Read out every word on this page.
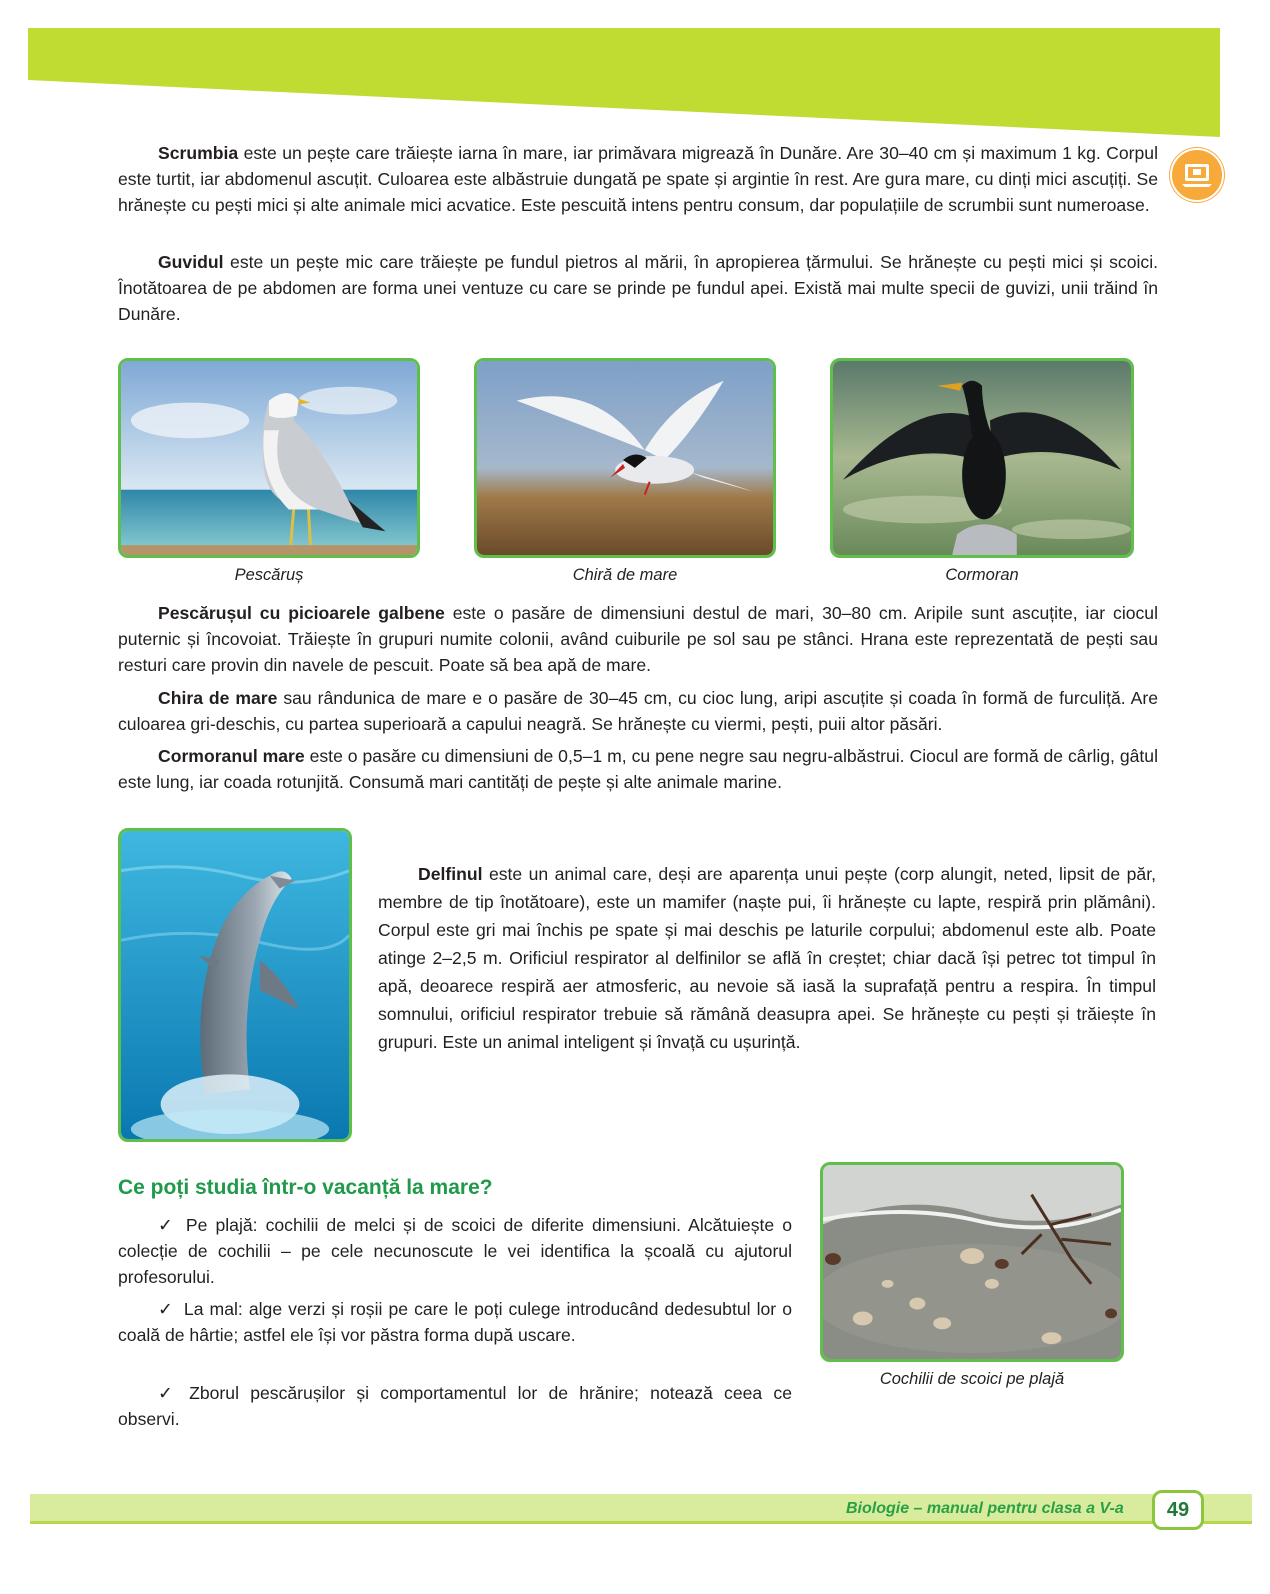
Scrumbia este un pește care trăiește iarna în mare, iar primăvara migrează în Dunăre. Are 30–40 cm și maximum 1 kg. Corpul este turtit, iar abdomenul ascuțit. Culoarea este albăstruie dungată pe spate și argintie în rest. Are gura mare, cu dinți mici ascuțiți. Se hrănește cu pești mici și alte animale mici acvatice. Este pescuită intens pentru consum, dar populațiile de scrumbii sunt numeroase.

Guvidul este un pește mic care trăiește pe fundul pietros al mării, în apropierea țărmului. Se hrănește cu pești mici și scoici. Înotătoarea de pe abdomen are forma unei ventuze cu care se prinde pe fundul apei. Există mai multe specii de guvizi, unii trăind în Dunăre.

Pescăruș	Chiră de mare	Cormoran

Pescărușul cu picioarele galbene este o pasăre de dimensiuni destul de mari, 30–80 cm. Aripile sunt ascuțite, iar ciocul puternic și încovoiat. Trăiește în grupuri numite colonii, având cuiburile pe sol sau pe stânci. Hrana este reprezentată de pești sau resturi care provin din navele de pescuit. Poate să bea apă de mare.

Chira de mare sau rândunica de mare e o pasăre de 30–45 cm, cu cioc lung, aripi ascuțite și coada în formă de furculiță. Are culoarea gri-deschis, cu partea superioară a capului neagră. Se hrănește cu viermi, pești, puii altor păsări.

Cormoranul mare este o pasăre cu dimensiuni de 0,5–1 m, cu pene negre sau negru-albăstrui. Ciocul are formă de cârlig, gâtul este lung, iar coada rotunjită. Consumă mari cantități de pește și alte animale marine.

Delfinul este un animal care, deși are aparența unui pește (corp alungit, neted, lipsit de păr, membre de tip înotătoare), este un mamifer (naște pui, îi hrănește cu lapte, respiră prin plămâni). Corpul este gri mai închis pe spate și mai deschis pe laturile corpului; abdomenul este alb. Poate atinge 2–2,5 m. Orificiul respirator al delfinilor se află în creștet; chiar dacă își petrec tot timpul în apă, deoarece respiră aer atmosferic, au nevoie să iasă la suprafață pentru a respira. În timpul somnului, orificiul respirator trebuie să rămână deasupra apei. Se hrănește cu pești și trăiește în grupuri. Este un animal inteligent și învață cu ușurință.

Ce poți studia într-o vacanță la mare?

✓ Pe plajă: cochilii de melci și de scoici de diferite dimensiuni. Alcătuiește o colecție de cochilii – pe cele necunoscute le vei identifica la școală cu ajutorul profesorului.

✓ La mal: alge verzi și roșii pe care le poți culege introducând dedesubtul lor o coală de hârtie; astfel ele își vor păstra forma după uscare.

✓ Zborul pescărușilor și comportamentul lor de hrănire; notează ceea ce observi.

Cochilii de scoici pe plajă
Biologie – manual pentru clasa a V-a	49
